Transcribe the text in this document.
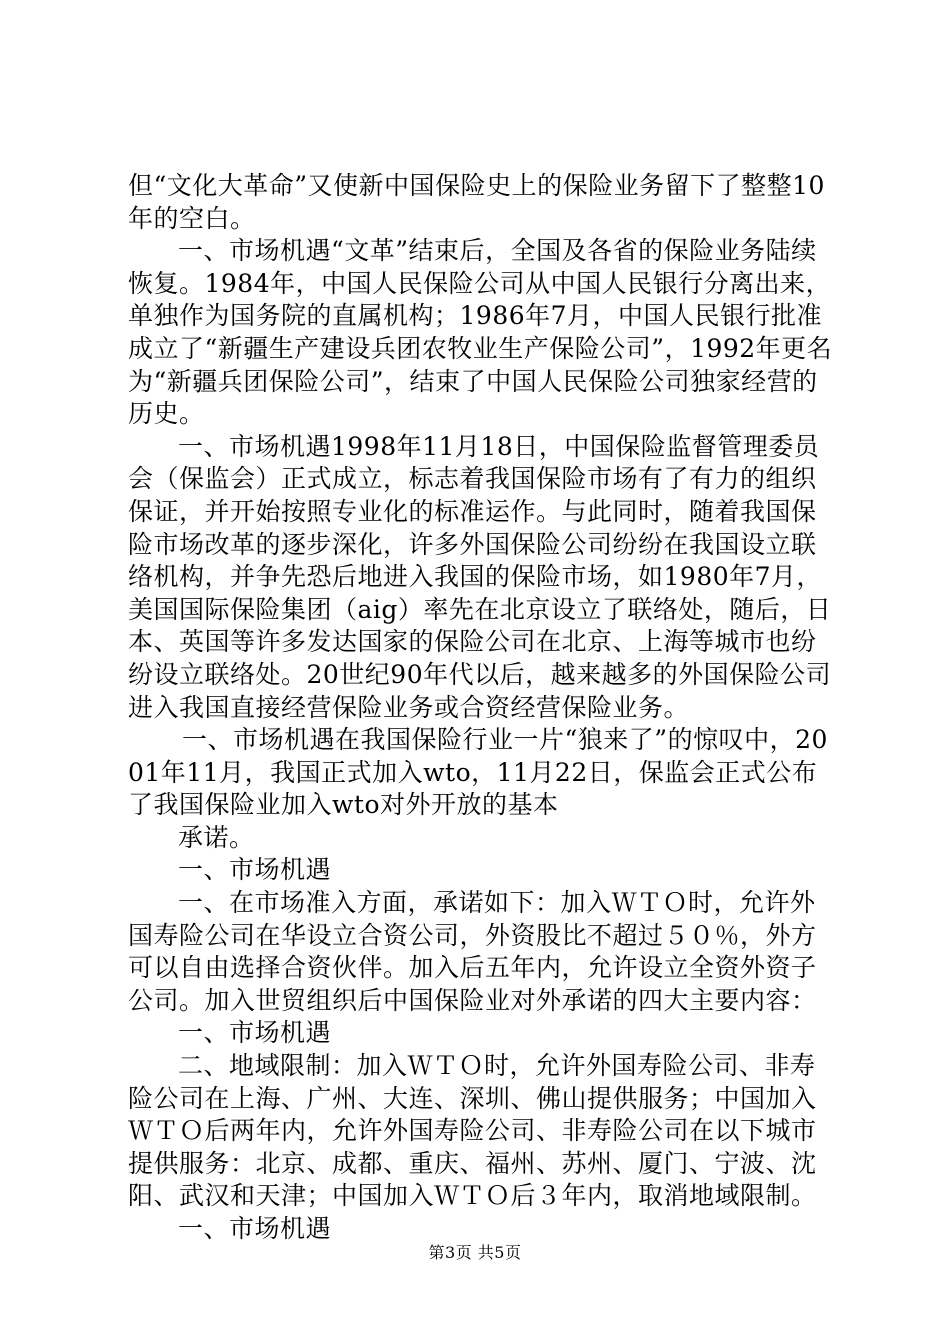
但“文化大革命”又使新中国保险史上的保险业务留下了整整10年的空白。

一、市场机遇“文革”结束后，全国及各省的保险业务陆续恢复。1984年，中国人民保险公司从中国人民银行分离出来，单独作为国务院的直属机构；1986年7月，中国人民银行批准成立了“新疆生产建设兵团农牧业生产保险公司”，1992年更名为“新疆兵团保险公司”，结束了中国人民保险公司独家经营的历史。

一、市场机遇1998年11月18日，中国保险监督管理委员会（保监会）正式成立，标志着我国保险市场有了有力的组织保证，并开始按照专业化的标准运作。与此同时，随着我国保险市场改革的逐步深化，许多外国保险公司纷纷在我国设立联络机构，并争先恐后地进入我国的保险市场，如1980年7月，美国国际保险集团（aig）率先在北京设立了联络处，随后，日本、英国等许多发达国家的保险公司在北京、上海等城市也纷纷设立联络处。20世纪90年代以后，越来越多的外国保险公司进入我国直接经营保险业务或合资经营保险业务。

一、市场机遇在我国保险行业一片“狼来了”的惊叹中，2001年11月，我国正式加入wto，11月22日，保监会正式公布了我国保险业加入wto对外开放的基本

承诺。

一、市场机遇

一、在市场准入方面，承诺如下：加入ＷＴＯ时，允许外国寿险公司在华设立合资公司，外资股比不超过５０％，外方可以自由选择合资伙伴。加入后五年内，允许设立全资外资子公司。加入世贸组织后中国保险业对外承诺的四大主要内容：

一、市场机遇

二、地域限制：加入ＷＴＯ时，允许外国寿险公司、非寿险公司在上海、广州、大连、深圳、佛山提供服务；中国加入ＷＴＯ后两年内，允许外国寿险公司、非寿险公司在以下城市提供服务：北京、成都、重庆、福州、苏州、厦门、宁波、沈阳、武汉和天津；中国加入ＷＴＯ后３年内，取消地域限制。

一、市场机遇

第3页 共5页
